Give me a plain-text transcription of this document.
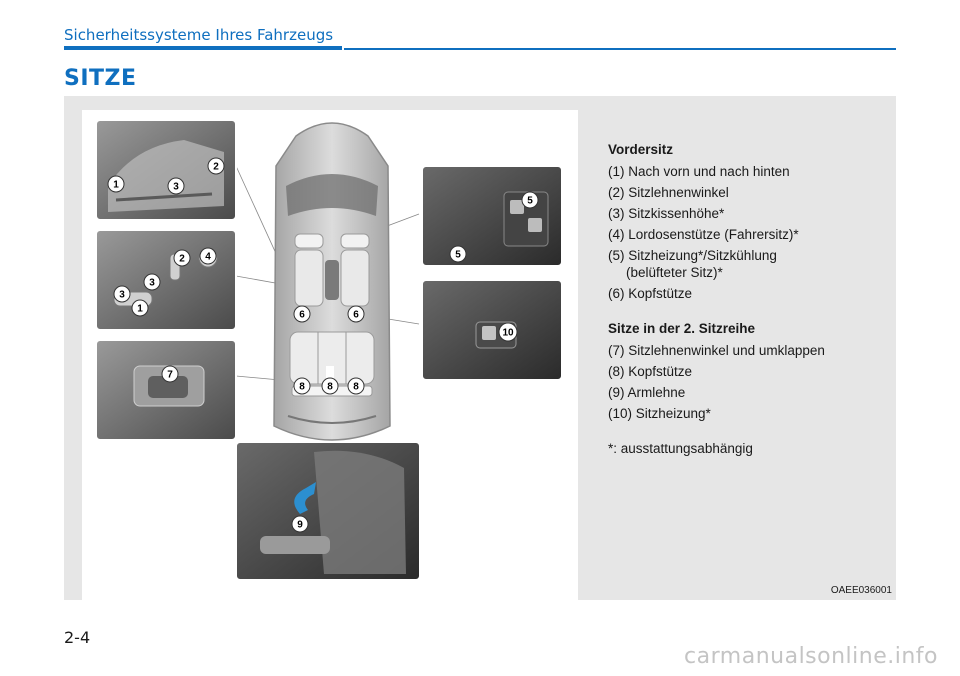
Sicherheitssysteme Ihres Fahrzeugs
SITZE
1	3
2
3
1
3
2 4
7
6	6
8 8 8
9
5
5
10
Vordersitz
(1) Nach vorn und nach hinten
(2) Sitzlehnenwinkel
(3) Sitzkissenhöhe*
(4) Lordosenstütze (Fahrersitz)*
(5) Sitzheizung*/Sitzkühlung
(belüfteter Sitz)*
(6) Kopfstütze
Sitze in der 2. Sitzreihe
(7) Sitzlehnenwinkel und umklappen
(8) Kopfstütze
(9) Armlehne
(10) Sitzheizung*
*: ausstattungsabhängig
OAEE036001
2-4
carmanualsonline.info
